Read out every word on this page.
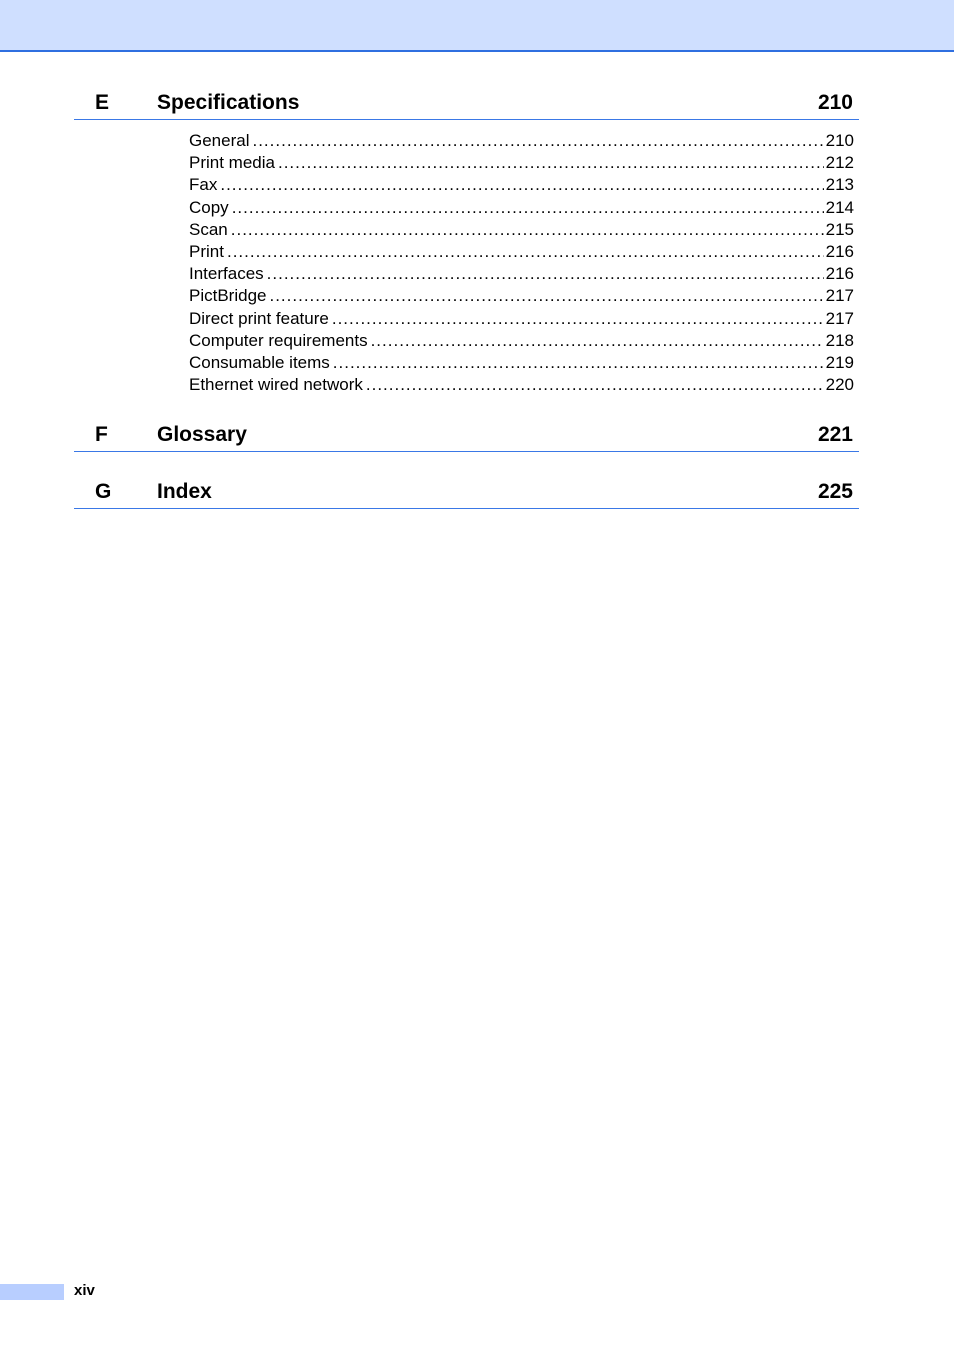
E Specifications	210
General .....	210
Print media .....	212
Fax .....	213
Copy .....	214
Scan .....	215
Print .....	216
Interfaces .....	216
PictBridge .....	217
Direct print feature .....	217
Computer requirements .....	218
Consumable items .....	219
Ethernet wired network .....	220
F Glossary	221
G Index	225
xiv
